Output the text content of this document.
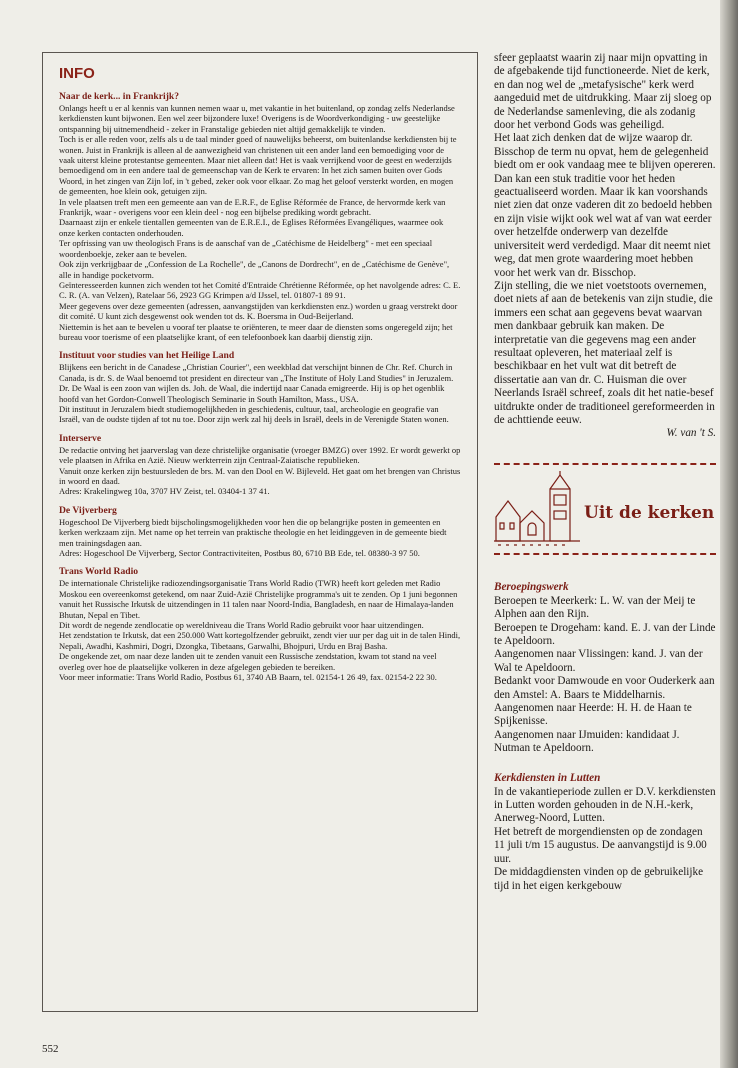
INFO
Naar de kerk... in Frankrijk?

Onlangs heeft u er al kennis van kunnen nemen waar u, met vakantie in het buitenland, op zondag zelfs Nederlandse kerkdiensten kunt bijwonen. Een wel zeer bijzondere luxe! Overigens is de Woordverkondiging - uw geestelijke ontspanning bij uitnemendheid - zeker in Franstalige gebieden niet altijd gemakkelijk te vinden.

Toch is er alle reden voor, zelfs als u de taal minder goed of nauwelijks beheerst, om buitenlandse kerkdiensten bij te wonen. Juist in Frankrijk is alleen al de aanwezigheid van christenen uit een ander land een bemoediging voor de vaak uiterst kleine protestantse gemeenten. Maar niet alleen dat! Het is vaak verrijkend voor de geest en wederzijds bemoedigend om in een andere taal de gemeenschap van de Kerk te ervaren: In het zich samen buiten over Gods Woord, in het zingen van Zijn lof, in 't gebed, zeker ook voor elkaar. Zo mag het geloof versterkt worden, en mogen de gemeenten, hoe klein ook, getuigen zijn.

In vele plaatsen treft men een gemeente aan van de E.R.F., de Eglise Réformée de France, de hervormde kerk van Frankrijk, waar - overigens voor een klein deel - nog een bijbelse prediking wordt gebracht.

Daarnaast zijn er enkele tientallen gemeenten van de E.R.E.I., de Eglises Réformées Evangéliques, waarmee ook onze kerken contacten onderhouden.

Ter opfrissing van uw theologisch Frans is de aanschaf van de „Catéchisme de Heidelberg" - met een speciaal woordenboekje, zeker aan te bevelen.

Ook zijn verkrijgbaar de „Confession de La Rochelle", de „Canons de Dordrecht", en de „Catéchisme de Genève", alle in handige pocketvorm.

Geïnteresseerden kunnen zich wenden tot het Comité d'Entraide Chrétienne Réformée, op het navolgende adres: C. E. C. R. (A. van Velzen), Ratelaar 56, 2923 GG Krimpen a/d IJssel, tel. 01807-1 89 91.

Meer gegevens over deze gemeenten (adressen, aanvangstijden van kerkdiensten enz.) worden u graag verstrekt door dit comité. U kunt zich desgewenst ook wenden tot ds. K. Boersma in Oud-Beijerland.

Niettemin is het aan te bevelen u vooraf ter plaatse te oriënteren, te meer daar de diensten soms ongeregeld zijn; het bureau voor toerisme of een plaatselijke krant, of een telefoonboek kan daarbij dienstig zijn.

Instituut voor studies van het Heilige Land

Blijkens een bericht in de Canadese „Christian Courier", een weekblad dat verschijnt binnen de Chr. Ref. Church in Canada, is dr. S. de Waal benoemd tot president en directeur van „The Institute of Holy Land Studies" in Jeruzalem. Dr. De Waal is een zoon van wijlen ds. Joh. de Waal, die indertijd naar Canada emigreerde. Hij is op het ogenblik hoofd van het Gordon-Conwell Theologisch Seminarie in South Hamilton, Mass., USA.

Dit instituut in Jeruzalem biedt studiemogelijkheden in geschiedenis, cultuur, taal, archeologie en geografie van Israël, van de oudste tijden af tot nu toe. Door zijn werk zal hij deels in Israël, deels in de Verenigde Staten wonen.

Interserve

De redactie ontving het jaarverslag van deze christelijke organisatie (vroeger BMZG) over 1992. Er wordt gewerkt op vele plaatsen in Afrika en Azië. Nieuw werkterrein zijn Centraal-Zaiatische republieken.

Vanuit onze kerken zijn bestuursleden de brs. M. van den Dool en W. Bijleveld. Het gaat om het brengen van Christus in woord en daad.

Adres: Krakelingweg 10a, 3707 HV Zeist, tel. 03404-1 37 41.

De Vijverberg

Hogeschool De Vijverberg biedt bijscholingsmogelijkheden voor hen die op belangrijke posten in gemeenten en kerken werkzaam zijn. Met name op het terrein van praktische theologie en het leidinggeven in de gemeente biedt men trainingsdagen aan.

Adres: Hogeschool De Vijverberg, Sector Contractiviteiten, Postbus 80, 6710 BB Ede, tel. 08380-3 97 50.

Trans World Radio

De internationale Christelijke radiozendingsorganisatie Trans World Radio (TWR) heeft kort geleden met Radio Moskou een overeenkomst getekend, om naar Zuid-Azië Christelijke programma's uit te zenden. Op 1 juni begonnen vanuit het Russische Irkutsk de uitzendingen in 11 talen naar Noord-India, Bangladesh, en naar de Himalaya-landen Bhutan, Nepal en Tibet.

Dit wordt de negende zendlocatie op wereldniveau die Trans World Radio gebruikt voor haar uitzendingen.

Het zendstation te Irkutsk, dat een 250.000 Watt kortegolfzender gebruikt, zendt vier uur per dag uit in de talen Hindi, Nepali, Awadhi, Kashmiri, Dogri, Dzongka, Tibetaans, Garwalhi, Bhojpuri, Urdu en Braj Basha.

De ongekende zet, om naar deze landen uit te zenden vanuit een Russische zendstation, kwam tot stand na veel overleg over hoe de plaatselijke volkeren in deze afgelegen gebieden te bereiken.

Voor meer informatie: Trans World Radio, Postbus 61, 3740 AB Baarn, tel. 02154-1 26 49, fax. 02154-2 22 30.

sfeer geplaatst waarin zij naar mijn opvatting in de afgebakende tijd functioneerde. Niet de kerk, en dan nog wel de „metafysische" kerk werd aangeduid met de uitdrukking. Maar zij sloeg op de Nederlandse samenleving, die als zodanig door het verbond Gods was geheiligd.

Het laat zich denken dat de wijze waarop dr. Bisschop de term nu opvat, hem de gelegenheid biedt om er ook vandaag mee te blijven opereren. Dan kan een stuk traditie voor het heden geactualiseerd worden. Maar ik kan voorshands niet zien dat onze vaderen dit zo bedoeld hebben en zijn visie wijkt ook wel wat af van wat eerder over hetzelfde onderwerp van dezelfde universiteit werd verdedigd. Maar dit neemt niet weg, dat men grote waardering moet hebben voor het werk van dr. Bisschop.

Zijn stelling, die we niet voetstoots overnemen, doet niets af aan de betekenis van zijn studie, die immers een schat aan gegevens bevat waarvan men dankbaar gebruik kan maken. De interpretatie van die gegevens mag een ander resultaat opleveren, het materiaal zelf is beschikbaar en het vult wat dit betreft de dissertatie aan van dr. C. Huisman die over Neerlands Israël schreef, zoals dit het natie-besef uitdrukte onder de traditioneel gereformeerden in de achttiende eeuw.

W. van 't S.
Uit de kerken
Beroepingswerk

Beroepen te Meerkerk: L. W. van der Meij te Alphen aan den Rijn.

Beroepen te Drogeham: kand. E. J. van der Linde te Apeldoorn.

Aangenomen naar Vlissingen: kand. J. van der Wal te Apeldoorn.

Bedankt voor Damwoude en voor Ouderkerk aan den Amstel: A. Baars te Middelharnis.

Aangenomen naar Heerde: H. H. de Haan te Spijkenisse.

Aangenomen naar IJmuiden: kandidaat J. Nutman te Apeldoorn.

Kerkdiensten in Lutten

In de vakantieperiode zullen er D.V. kerkdiensten in Lutten worden gehouden in de N.H.-kerk, Anerweg-Noord, Lutten.

Het betreft de morgendiensten op de zondagen 11 juli t/m 15 augustus. De aanvangstijd is 9.00 uur.

De middagdiensten vinden op de gebruikelijke tijd in het eigen kerkgebouw

552
